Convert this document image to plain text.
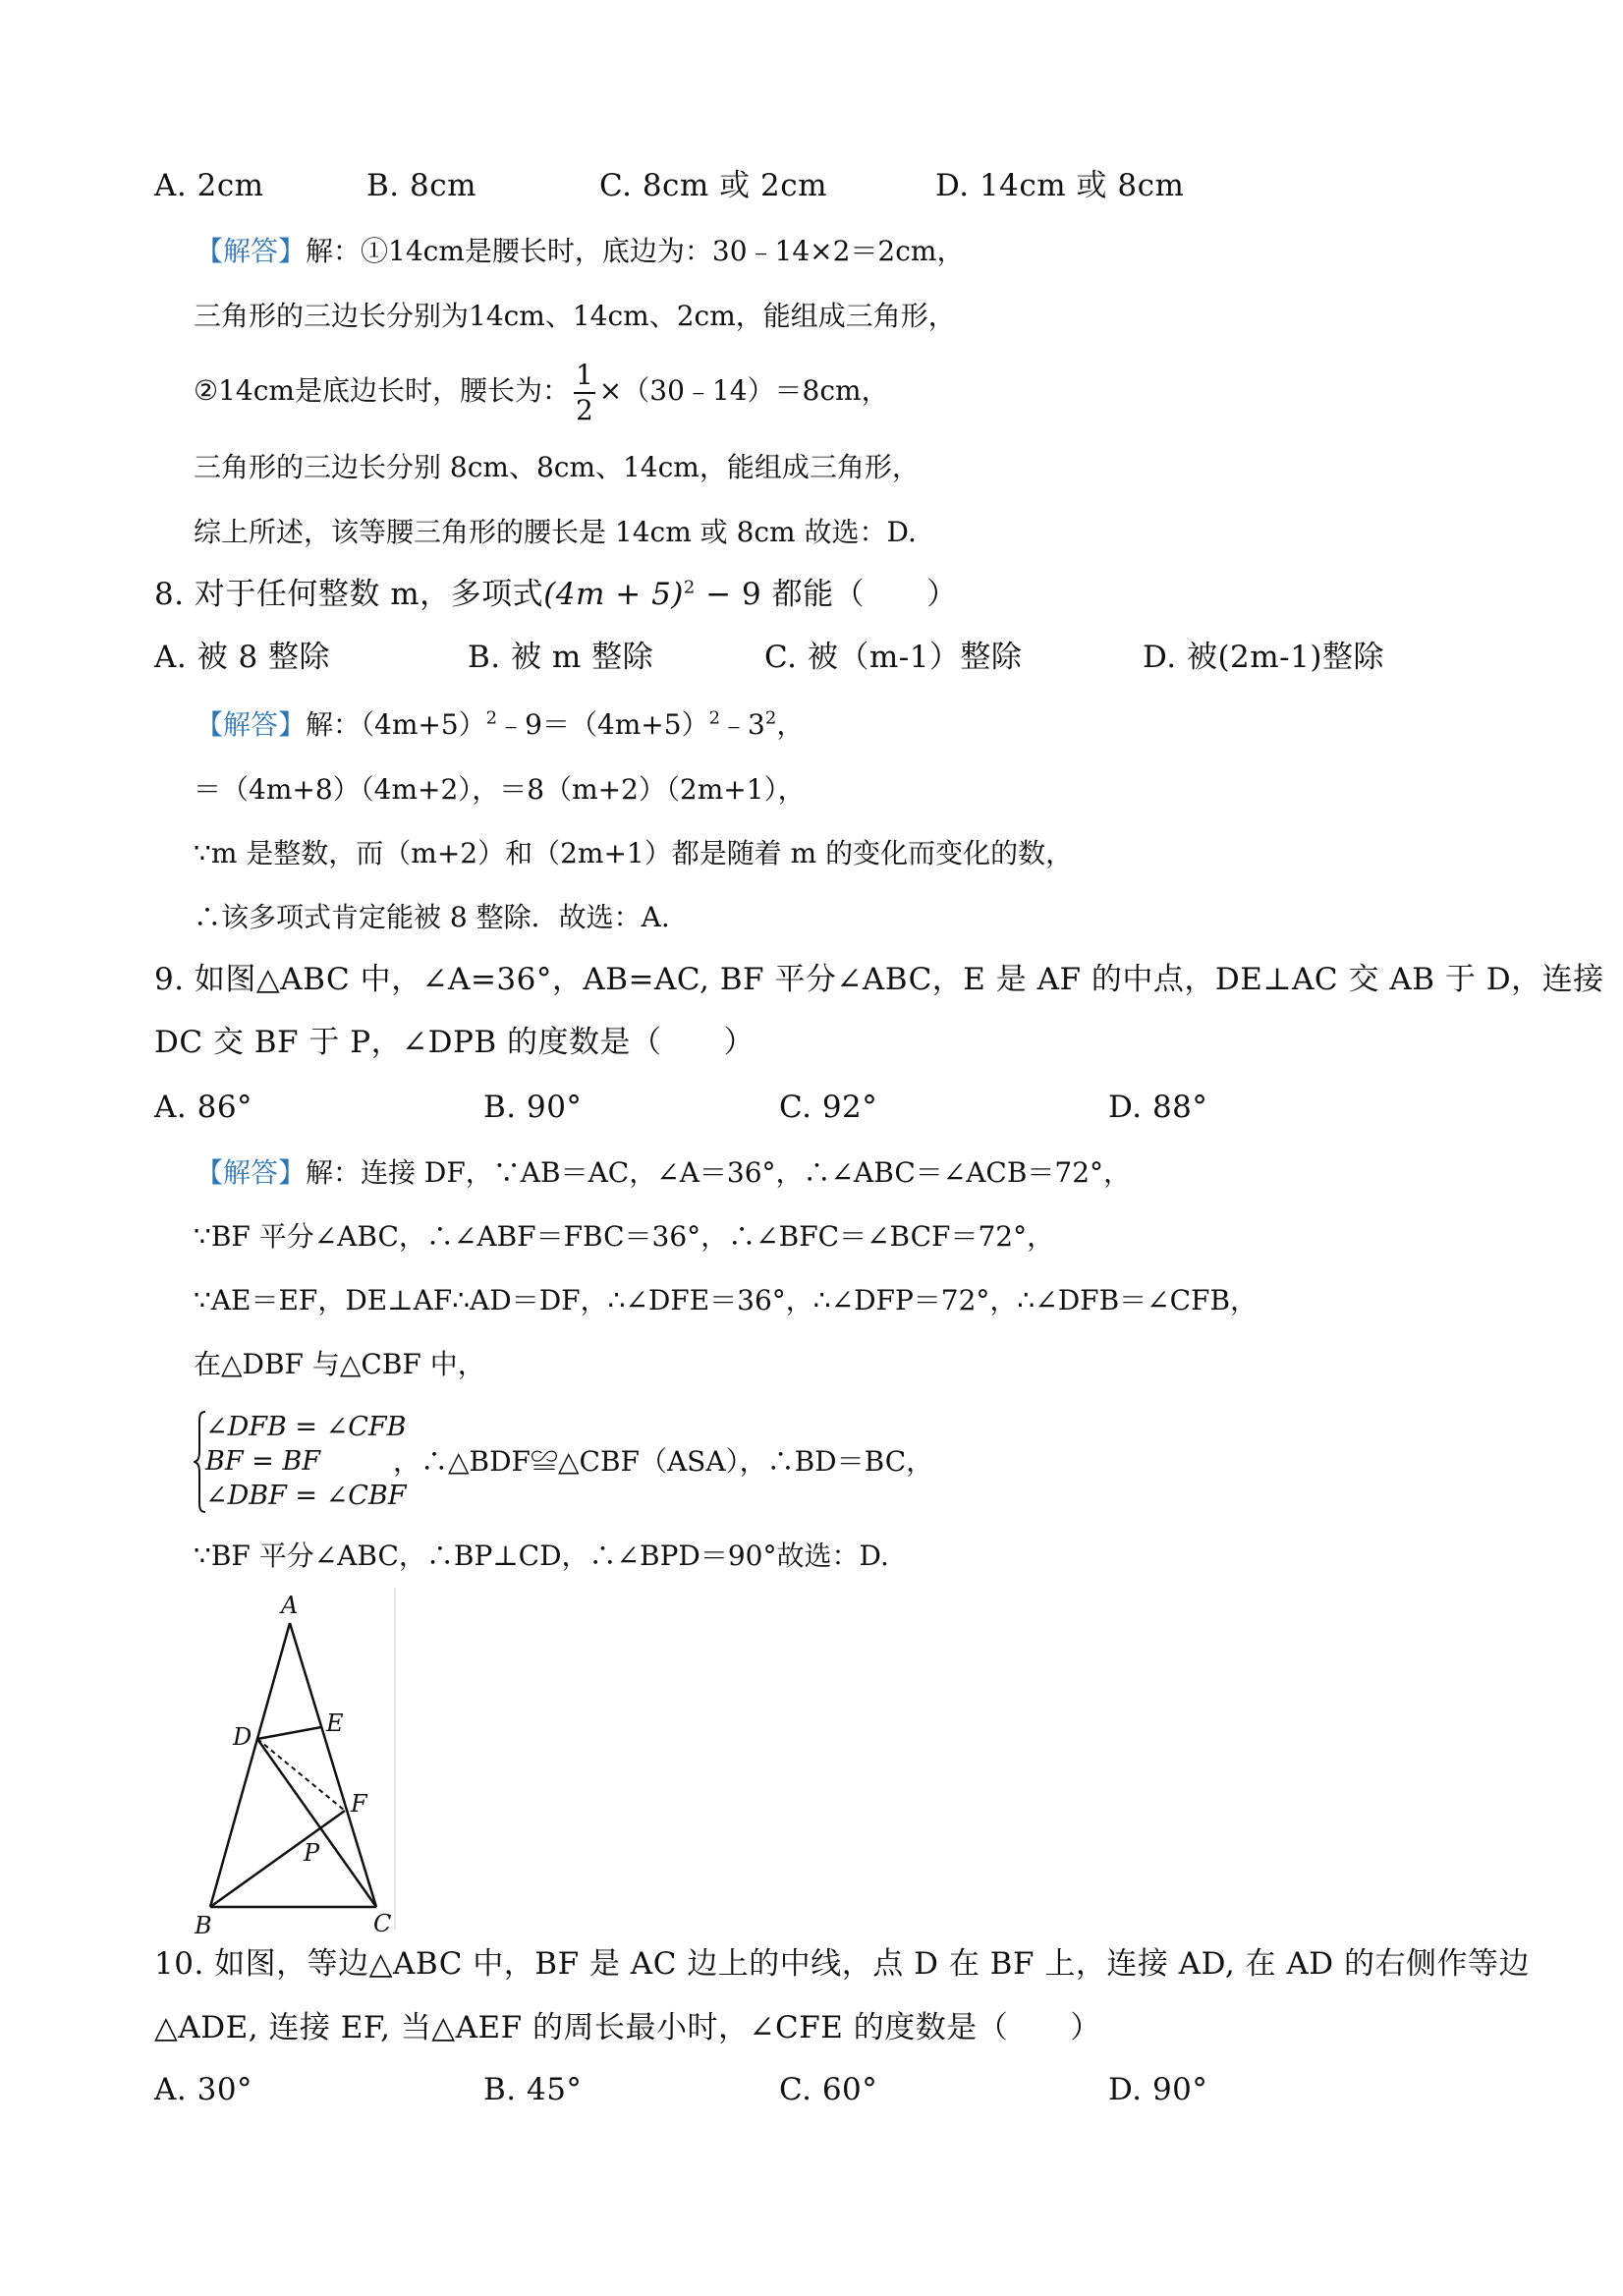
A. 2cm	B. 8cm	C. 8cm 或 2cm	D. 14cm 或 8cm
【解答】解：①14cm是腰长时，底边为：30﹣14×2＝2cm，
三角形的三边长分别为14cm、14cm、2cm，能组成三角形，
②14cm是底边长时，腰长为： $\frac{1}{2}$ ×（30﹣14）＝8cm，
三角形的三边长分别 8cm、8cm、14cm，能组成三角形，
综上所述，该等腰三角形的腰长是 14cm 或 8cm 故选：D.
8. 对于任何整数 m，多项式$(4m + 5)^2 - 9$ 都能（　　）
A. 被 8 整除	B. 被 m 整除	C. 被（m-1）整除	D. 被(2m-1)整除
【解答】解：$(4m+5)^2﹣9=(4m+5)^2﹣3^2$，
＝（4m+8）（4m+2），＝8（m+2）（2m+1），
∵m 是整数，而（m+2）和（2m+1）都是随着 m 的变化而变化的数，
∴该多项式肯定能被 8 整除．故选：A.
9. 如图△ABC 中，∠A=36°，AB=AC, BF 平分∠ABC，E 是 AF 的中点，DE⊥AC 交 AB 于 D，连接
DC 交 BF 于 P，∠DPB 的度数是（　　）
A. 86°	B. 90°	C. 92°	D. 88°
【解答】解：连接 DF，∵AB＝AC，∠A＝36°，∴∠ABC＝∠ACB＝72°，
∵BF 平分∠ABC，∴∠ABF＝FBC＝36°，∴∠BFC＝∠BCF＝72°，
∵AE＝EF，DE⊥AF∴AD＝DF，∴∠DFE＝36°，∴∠DFP＝72°，∴∠DFB＝∠CFB，
在△DBF 与△CBF 中，
∠DFB = ∠CFB
BF = BF
∠DBF = ∠CBF
，∴△BDF≌△CBF（ASA），∴BD＝BC，
∵BF 平分∠ABC，∴BP⊥CD，∴∠BPD＝90°故选：D.
A
E
D
F
P
B	C
10. 如图，等边△ABC 中，BF 是 AC 边上的中线，点 D 在 BF 上，连接 AD, 在 AD 的右侧作等边
△ADE, 连接 EF, 当△AEF 的周长最小时，∠CFE 的度数是（　　）
A. 30°	B. 45°	C. 60°	D. 90°
